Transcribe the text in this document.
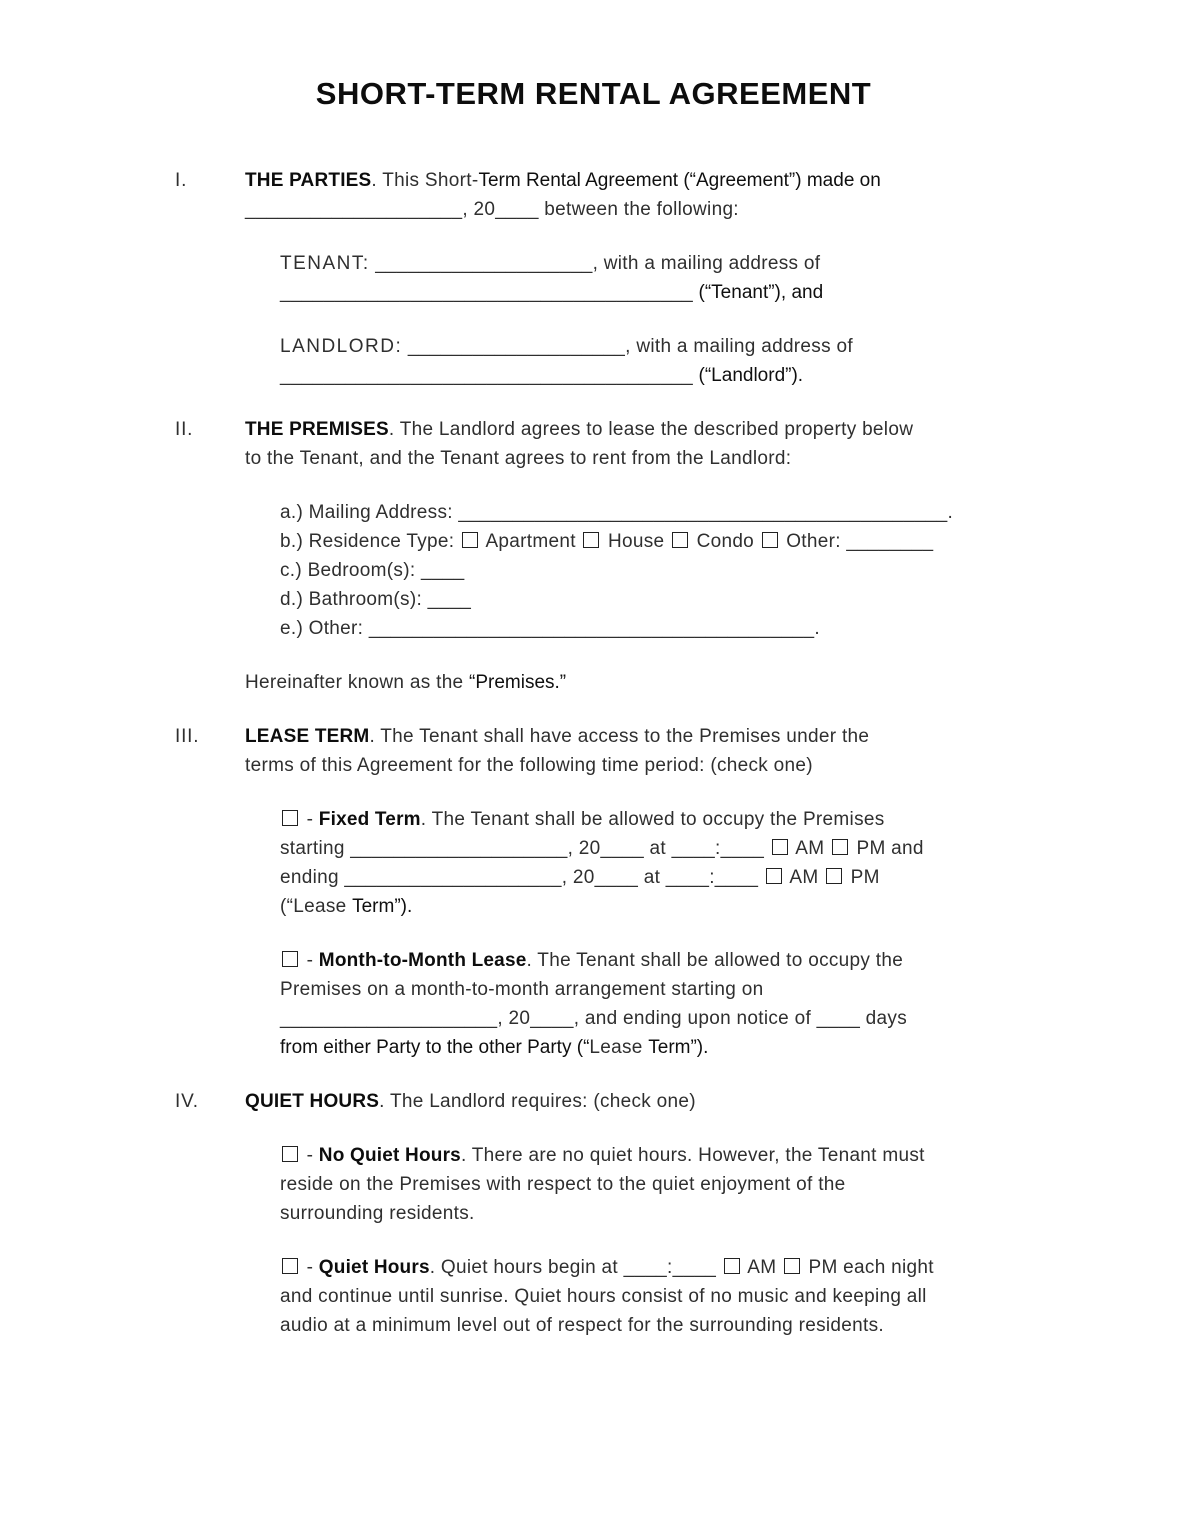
SHORT-TERM RENTAL AGREEMENT
I.	THE PARTIES. This Short-Term Rental Agreement (“Agreement”) made on
____________________, 20____ between the following:

TENANT: ____________________, with a mailing address of
______________________________________ (“Tenant”), and

LANDLORD: ____________________, with a mailing address of
______________________________________ (“Landlord”).

II.	THE PREMISES. The Landlord agrees to lease the described property below
to the Tenant, and the Tenant agrees to rent from the Landlord:

a.) Mailing Address: _____________________________________________.

b.) Residence Type:  Apartment  House  Condo  Other: ________

c.) Bedroom(s): ____

d.) Bathroom(s): ____

e.) Other: _________________________________________.

Hereinafter known as the “Premises.”

III.	LEASE TERM. The Tenant shall have access to the Premises under the
terms of this Agreement for the following time period: (check one)

- Fixed Term. The Tenant shall be allowed to occupy the Premises
starting ____________________, 20____ at ____:____  AM  PM and
ending ____________________, 20____ at ____:____  AM  PM
(“Lease Term”).

- Month-to-Month Lease. The Tenant shall be allowed to occupy the
Premises on a month-to-month arrangement starting on
____________________, 20____, and ending upon notice of ____ days
from either Party to the other Party (“Lease Term”).

IV.	QUIET HOURS. The Landlord requires: (check one)

- No Quiet Hours. There are no quiet hours. However, the Tenant must
reside on the Premises with respect to the quiet enjoyment of the
surrounding residents.

- Quiet Hours. Quiet hours begin at ____:____  AM  PM each night
and continue until sunrise. Quiet hours consist of no music and keeping all
audio at a minimum level out of respect for the surrounding residents.
